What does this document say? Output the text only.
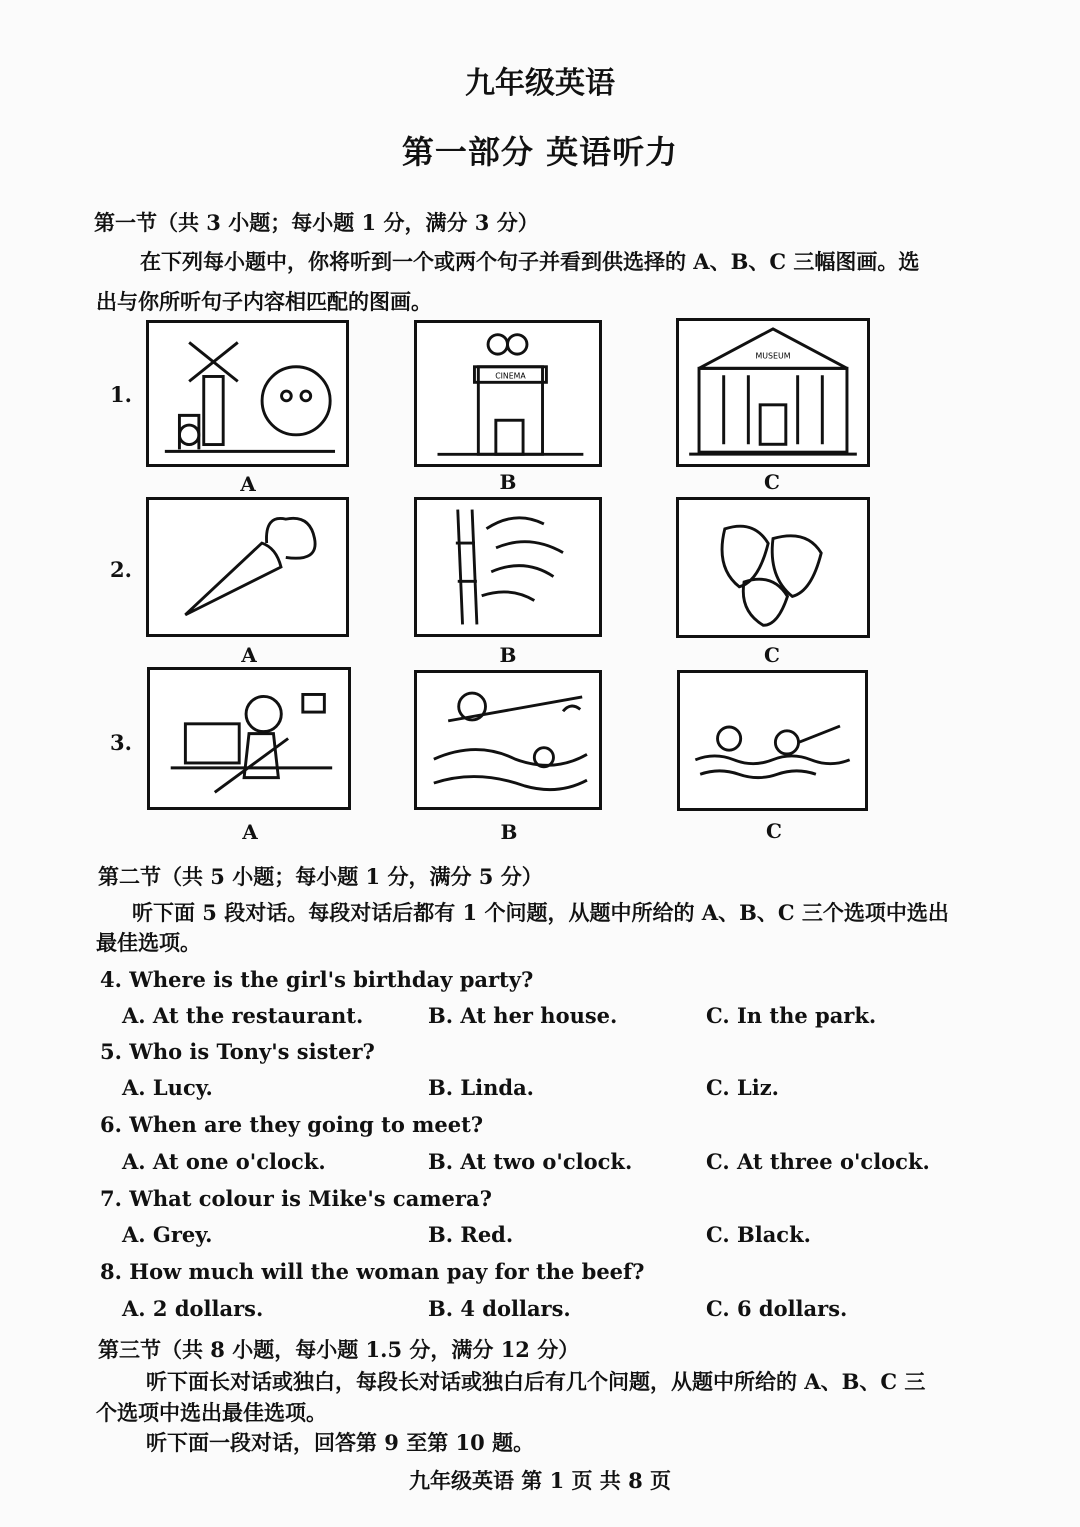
九年级英语
第一部分 英语听力
第一节（共 3 小题；每小题 1 分，满分 3 分）
在下列每小题中，你将听到一个或两个句子并看到供选择的 A、B、C 三幅图画。选
出与你所听句子内容相匹配的图画。
1.
CINEMA
MUSEUM
A	B	C
2.
A	B	C
3.
A	B	C
第二节（共 5 小题；每小题 1 分，满分 5 分）
听下面 5 段对话。每段对话后都有 1 个问题，从题中所给的 A、B、C 三个选项中选出
最佳选项。
4. Where is the girl's birthday party?
A. At the restaurant.	B. At her house.	C. In the park.
5. Who is Tony's sister?
A. Lucy.	B. Linda.	C. Liz.
6. When are they going to meet?
A. At one o'clock.	B. At two o'clock.	C. At three o'clock.
7. What colour is Mike's camera?
A. Grey.	B. Red.	C. Black.
8. How much will the woman pay for the beef?
A. 2 dollars.	B. 4 dollars.	C. 6 dollars.
第三节（共 8 小题，每小题 1.5 分，满分 12 分）
听下面长对话或独白，每段长对话或独白后有几个问题，从题中所给的 A、B、C 三
个选项中选出最佳选项。
听下面一段对话，回答第 9 至第 10 题。
九年级英语 第 1 页 共 8 页
